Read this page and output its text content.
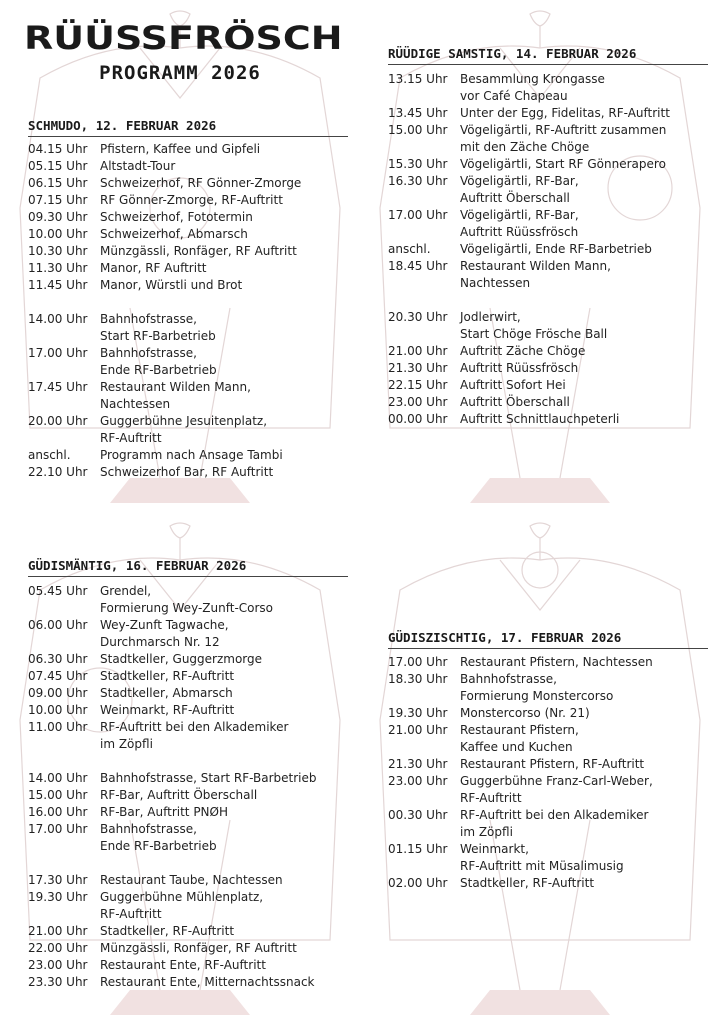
RÜÜSSFRÖSCH
PROGRAMM 2026
SCHMUDO, 12. FEBRUAR 2026
04.15 Uhr	Pfistern, Kaffee und Gipfeli
05.15 Uhr	Altstadt-Tour
06.15 Uhr	Schweizerhof, RF Gönner-Zmorge
07.15 Uhr	RF Gönner-Zmorge, RF-Auftritt
09.30 Uhr	Schweizerhof, Fototermin
10.00 Uhr	Schweizerhof, Abmarsch
10.30 Uhr	Münzgässli, Ronfäger, RF Auftritt
11.30 Uhr	Manor, RF Auftritt
11.45 Uhr	Manor, Würstli und Brot
14.00 Uhr	Bahnhofstrasse,
Start RF-Barbetrieb
17.00 Uhr	Bahnhofstrasse,
Ende RF-Barbetrieb
17.45 Uhr	Restaurant Wilden Mann,
Nachtessen
20.00 Uhr	Guggerbühne Jesuitenplatz,
RF-Auftritt
anschl.	Programm nach Ansage Tambi
22.10 Uhr	Schweizerhof Bar, RF Auftritt
RÜÜDIGE SAMSTIG, 14. FEBRUAR 2026
13.15 Uhr	Besammlung Krongasse
vor Café Chapeau
13.45 Uhr	Unter der Egg, Fidelitas, RF-Auftritt
15.00 Uhr	Vögeligärtli, RF-Auftritt zusammen
mit den Zäche Chöge
15.30 Uhr	Vögeligärtli, Start RF Gönnerapero
16.30 Uhr	Vögeligärtli, RF-Bar,
Auftritt Öberschall
17.00 Uhr	Vögeligärtli, RF-Bar,
Auftritt Rüüssfrösch
anschl.	Vögeligärtli, Ende RF-Barbetrieb
18.45 Uhr	Restaurant Wilden Mann,
Nachtessen
20.30 Uhr	Jodlerwirt,
Start Chöge Frösche Ball
21.00 Uhr	Auftritt Zäche Chöge
21.30 Uhr	Auftritt Rüüssfrösch
22.15 Uhr	Auftritt Sofort Hei
23.00 Uhr	Auftritt Öberschall
00.00 Uhr	Auftritt Schnittlauchpeterli
GÜDISMÄNTIG, 16. FEBRUAR 2026
05.45 Uhr	Grendel,
Formierung Wey-Zunft-Corso
06.00 Uhr	Wey-Zunft Tagwache,
Durchmarsch Nr. 12
06.30 Uhr	Stadtkeller, Guggerzmorge
07.45 Uhr	Stadtkeller, RF-Auftritt
09.00 Uhr	Stadtkeller, Abmarsch
10.00 Uhr	Weinmarkt, RF-Auftritt
11.00 Uhr	RF-Auftritt bei den Alkademiker
im Zöpfli
14.00 Uhr	Bahnhofstrasse, Start RF-Barbetrieb
15.00 Uhr	RF-Bar, Auftritt Öberschall
16.00 Uhr	RF-Bar, Auftritt PNØH
17.00 Uhr	Bahnhofstrasse,
Ende RF-Barbetrieb
17.30 Uhr	Restaurant Taube, Nachtessen
19.30 Uhr	Guggerbühne Mühlenplatz,
RF-Auftritt
21.00 Uhr	Stadtkeller, RF-Auftritt
22.00 Uhr	Münzgässli, Ronfäger, RF Auftritt
23.00 Uhr	Restaurant Ente, RF-Auftritt
23.30 Uhr	Restaurant Ente, Mitternachtssnack
GÜDISZISCHTIG, 17. FEBRUAR 2026
17.00 Uhr	Restaurant Pfistern, Nachtessen
18.30 Uhr	Bahnhofstrasse,
Formierung Monstercorso
19.30 Uhr	Monstercorso (Nr. 21)
21.00 Uhr	Restaurant Pfistern,
Kaffee und Kuchen
21.30 Uhr	Restaurant Pfistern, RF-Auftritt
23.00 Uhr	Guggerbühne Franz-Carl-Weber,
RF-Auftritt
00.30 Uhr	RF-Auftritt bei den Alkademiker
im Zöpfli
01.15 Uhr	Weinmarkt,
RF-Auftritt mit Müsalimusig
02.00 Uhr	Stadtkeller, RF-Auftritt
